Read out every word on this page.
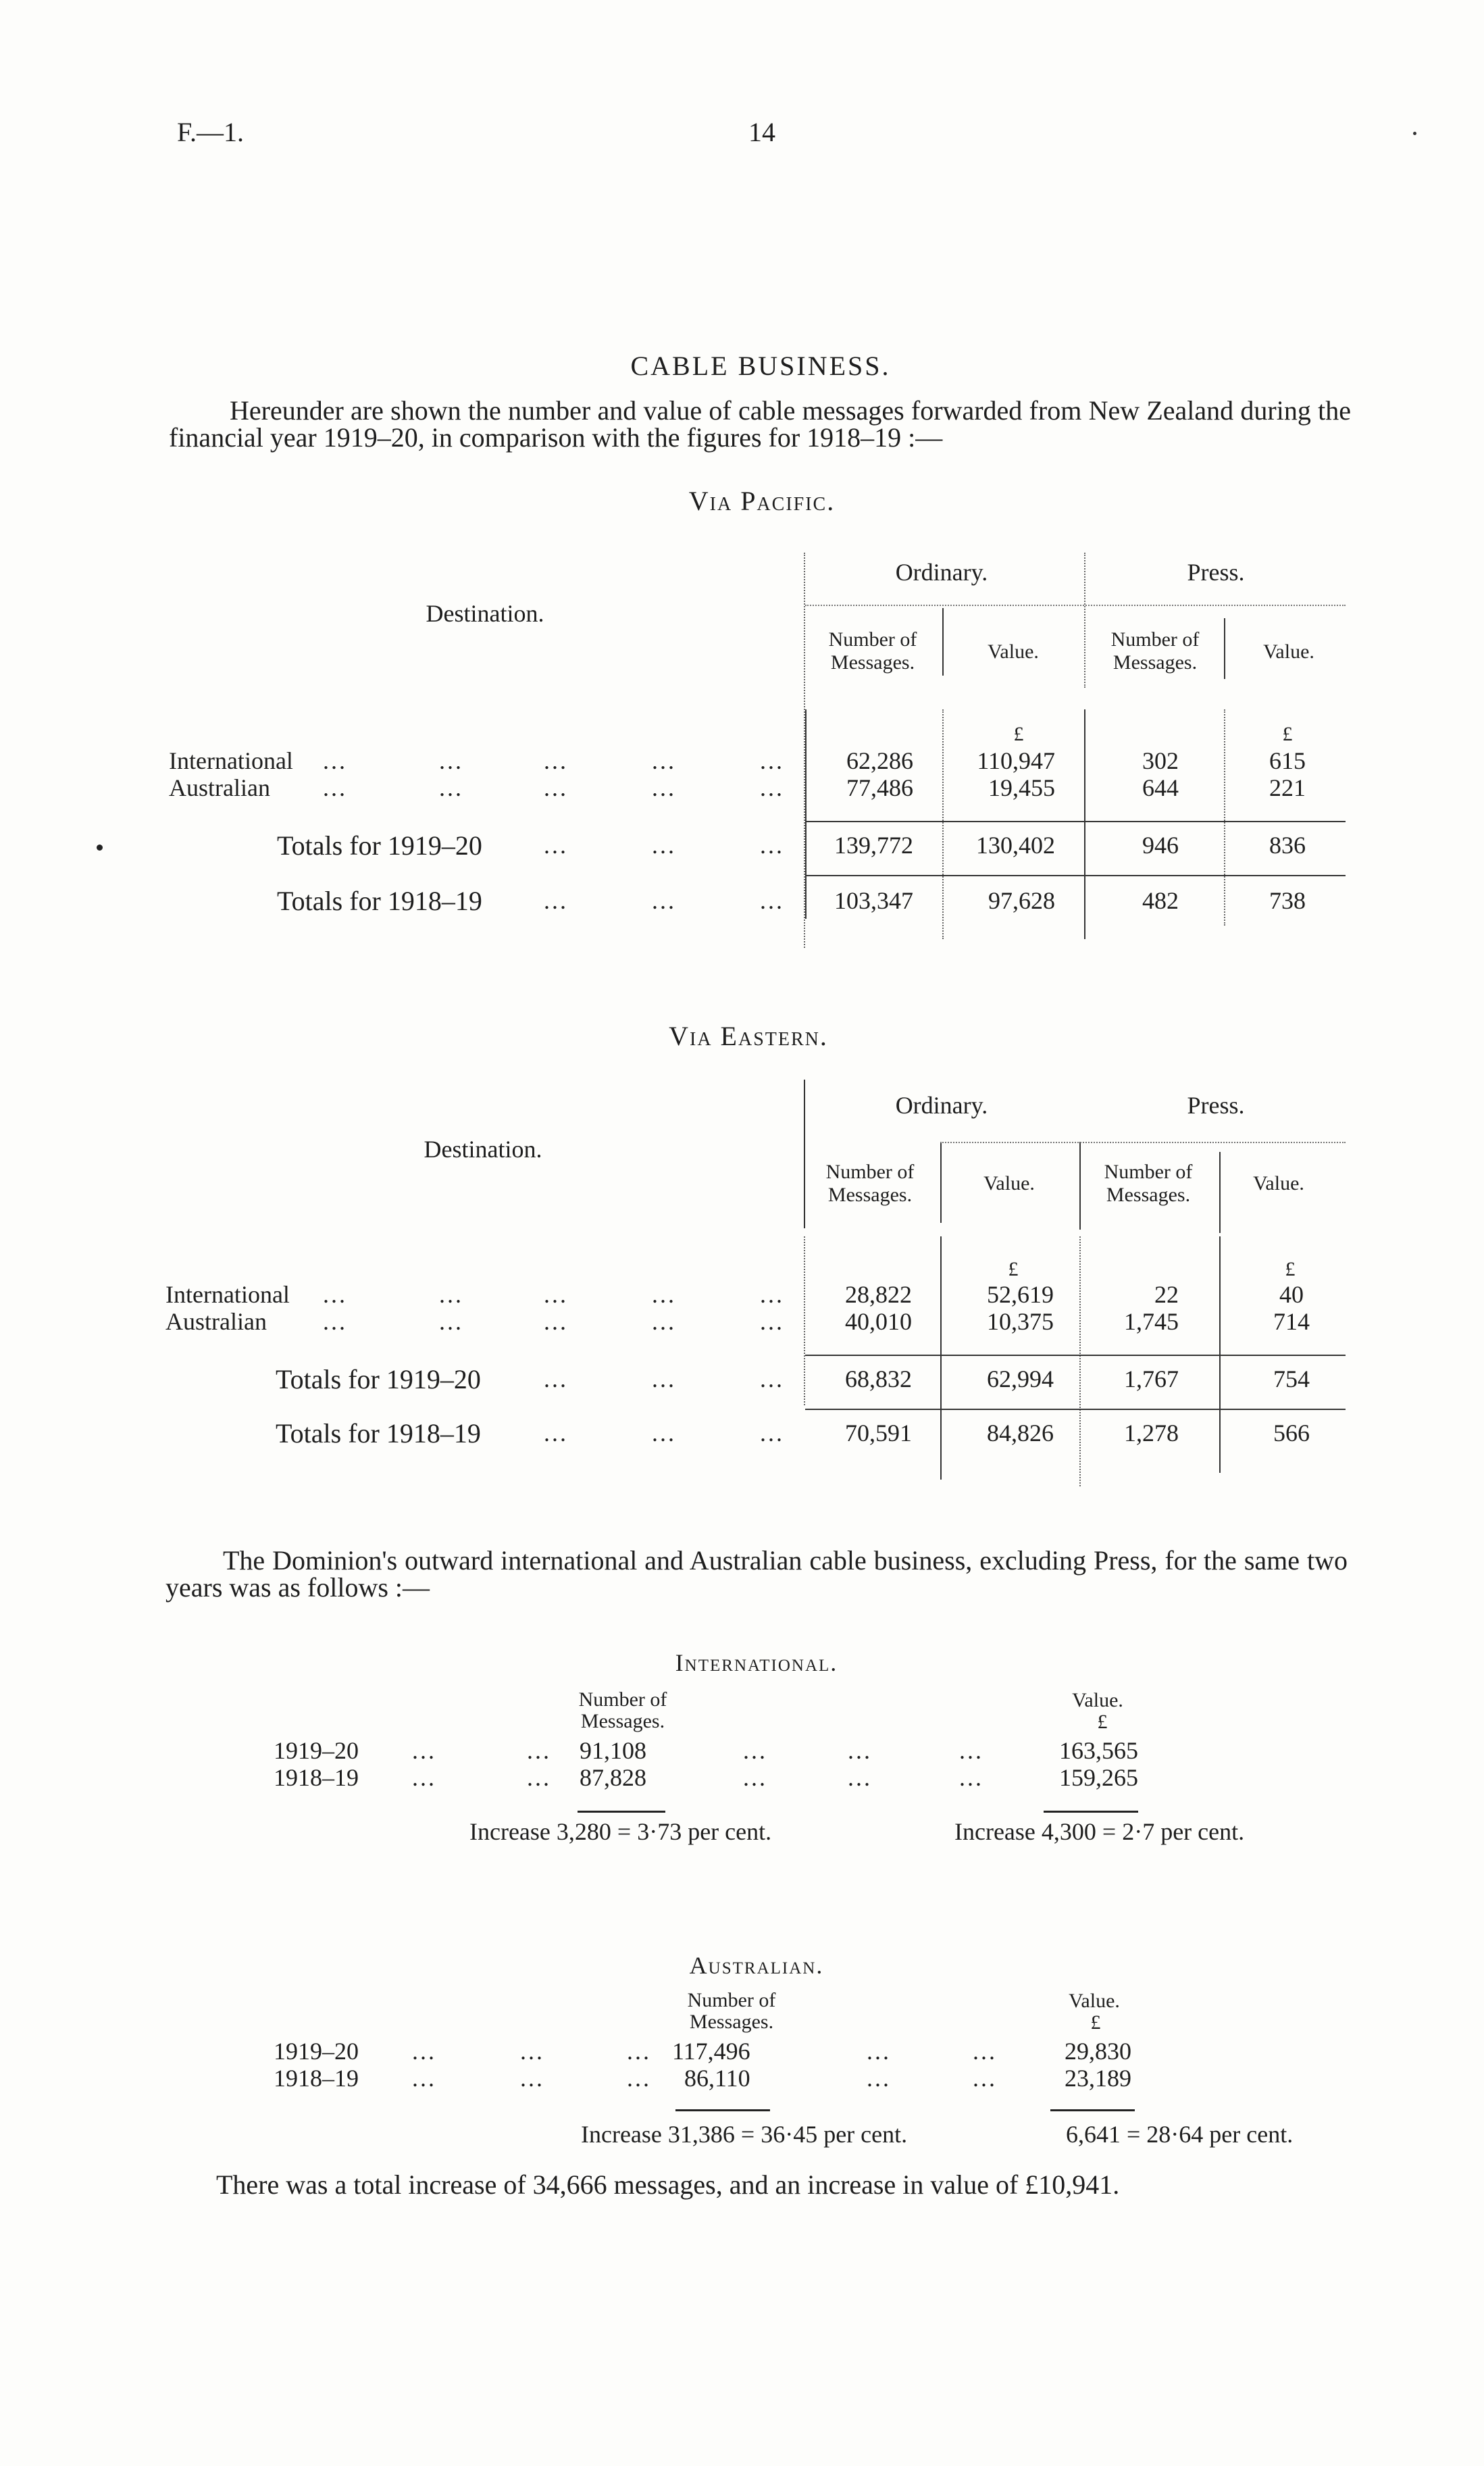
F.—1.	14
CABLE BUSINESS.
Hereunder are shown the number and value of cable messages forwarded from New Zealand during the financial year 1919–20, in comparison with the figures for 1918–19 :—
Via Pacific.
Destination.
Ordinary.	Press.
Number of Messages.	Value.
Number of Messages.	Value.
£	£
International ...	...	...	...	...	62,286	110,947	302	615
Australian ...	...	...	...	...	77,486	19,455	644	221
Totals for 1919–20	...	...	... 139,772	130,402	946	836
Totals for 1918–19	...	...	... 103,347	97,628	482	738
Via Eastern.
Destination.
Ordinary.	Press.
Number of Messages.
Value.
Number of Messages.
Value.
£	£
International ...	...	...	...	...	28,822	52,619	22	40
Australian ...	...	...	...	...	40,010	10,375	1,745	714
Totals for 1919–20	...	...	...	68,832	62,994	1,767	754
Totals for 1918–19	...	...	...	70,591	84,826	1,278	566
The Dominion's outward international and Australian cable business, excluding Press, for the same two years was as follows :—
International.
Number of Messages.
Value.
£
1919–20 ...	... 91,108	...	...	...	163,565
1918–19 ...	... 87,828	...	...	...	159,265
Increase 3,280 = 3·73 per cent.	Increase 4,300 = 2·7 per cent.
Australian.
Number of Messages.
Value.
£
1919–20 ...	...	... 117,496	...	...	29,830
1918–19 ...	...	... 86,110	...	...	23,189
Increase 31,386 = 36·45 per cent.	6,641 = 28·64 per cent.
There was a total increase of 34,666 messages, and an increase in value of £10,941.
